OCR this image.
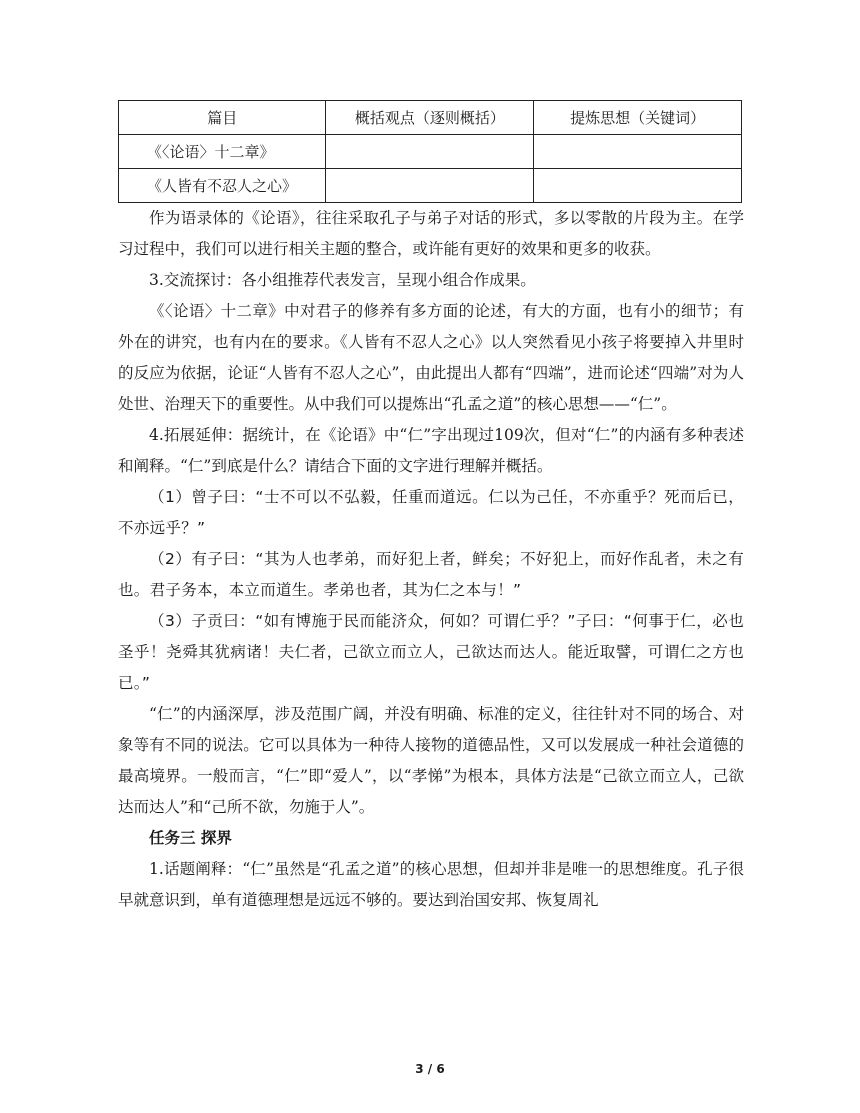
篇目	概括观点（逐则概括）	提炼思想（关键词）
《〈论语〉十二章》		
《人皆有不忍人之心》		

作为语录体的《论语》，往往采取孔子与弟子对话的形式，多以零散的片段为主。在学习过程中，我们可以进行相关主题的整合，或许能有更好的效果和更多的收获。

3.交流探讨：各小组推荐代表发言，呈现小组合作成果。

《〈论语〉十二章》中对君子的修养有多方面的论述，有大的方面，也有小的细节；有外在的讲究，也有内在的要求。《人皆有不忍人之心》以人突然看见小孩子将要掉入井里时的反应为依据，论证“人皆有不忍人之心”，由此提出人都有“四端”，进而论述“四端”对为人处世、治理天下的重要性。从中我们可以提炼出“孔孟之道”的核心思想——“仁”。

4.拓展延伸：据统计，在《论语》中“仁”字出现过109次，但对“仁”的内涵有多种表述和阐释。“仁”到底是什么？请结合下面的文字进行理解并概括。

（1）曾子曰：“士不可以不弘毅，任重而道远。仁以为己任，不亦重乎？死而后已，不亦远乎？”

（2）有子曰：“其为人也孝弟，而好犯上者，鲜矣；不好犯上，而好作乱者，未之有也。君子务本，本立而道生。孝弟也者，其为仁之本与！”

（3）子贡曰：“如有博施于民而能济众，何如？可谓仁乎？”子曰：“何事于仁，必也圣乎！尧舜其犹病诸！夫仁者，己欲立而立人，己欲达而达人。能近取譬，可谓仁之方也已。”

“仁”的内涵深厚，涉及范围广阔，并没有明确、标准的定义，往往针对不同的场合、对象等有不同的说法。它可以具体为一种待人接物的道德品性，又可以发展成一种社会道德的最高境界。一般而言，“仁”即“爱人”，以“孝悌”为根本，具体方法是“己欲立而立人，己欲达而达人”和“己所不欲，勿施于人”。

任务三 探界

1.话题阐释：“仁”虽然是“孔孟之道”的核心思想，但却并非是唯一的思想维度。孔子很早就意识到，单有道德理想是远远不够的。要达到治国安邦、恢复周礼

3 / 6
